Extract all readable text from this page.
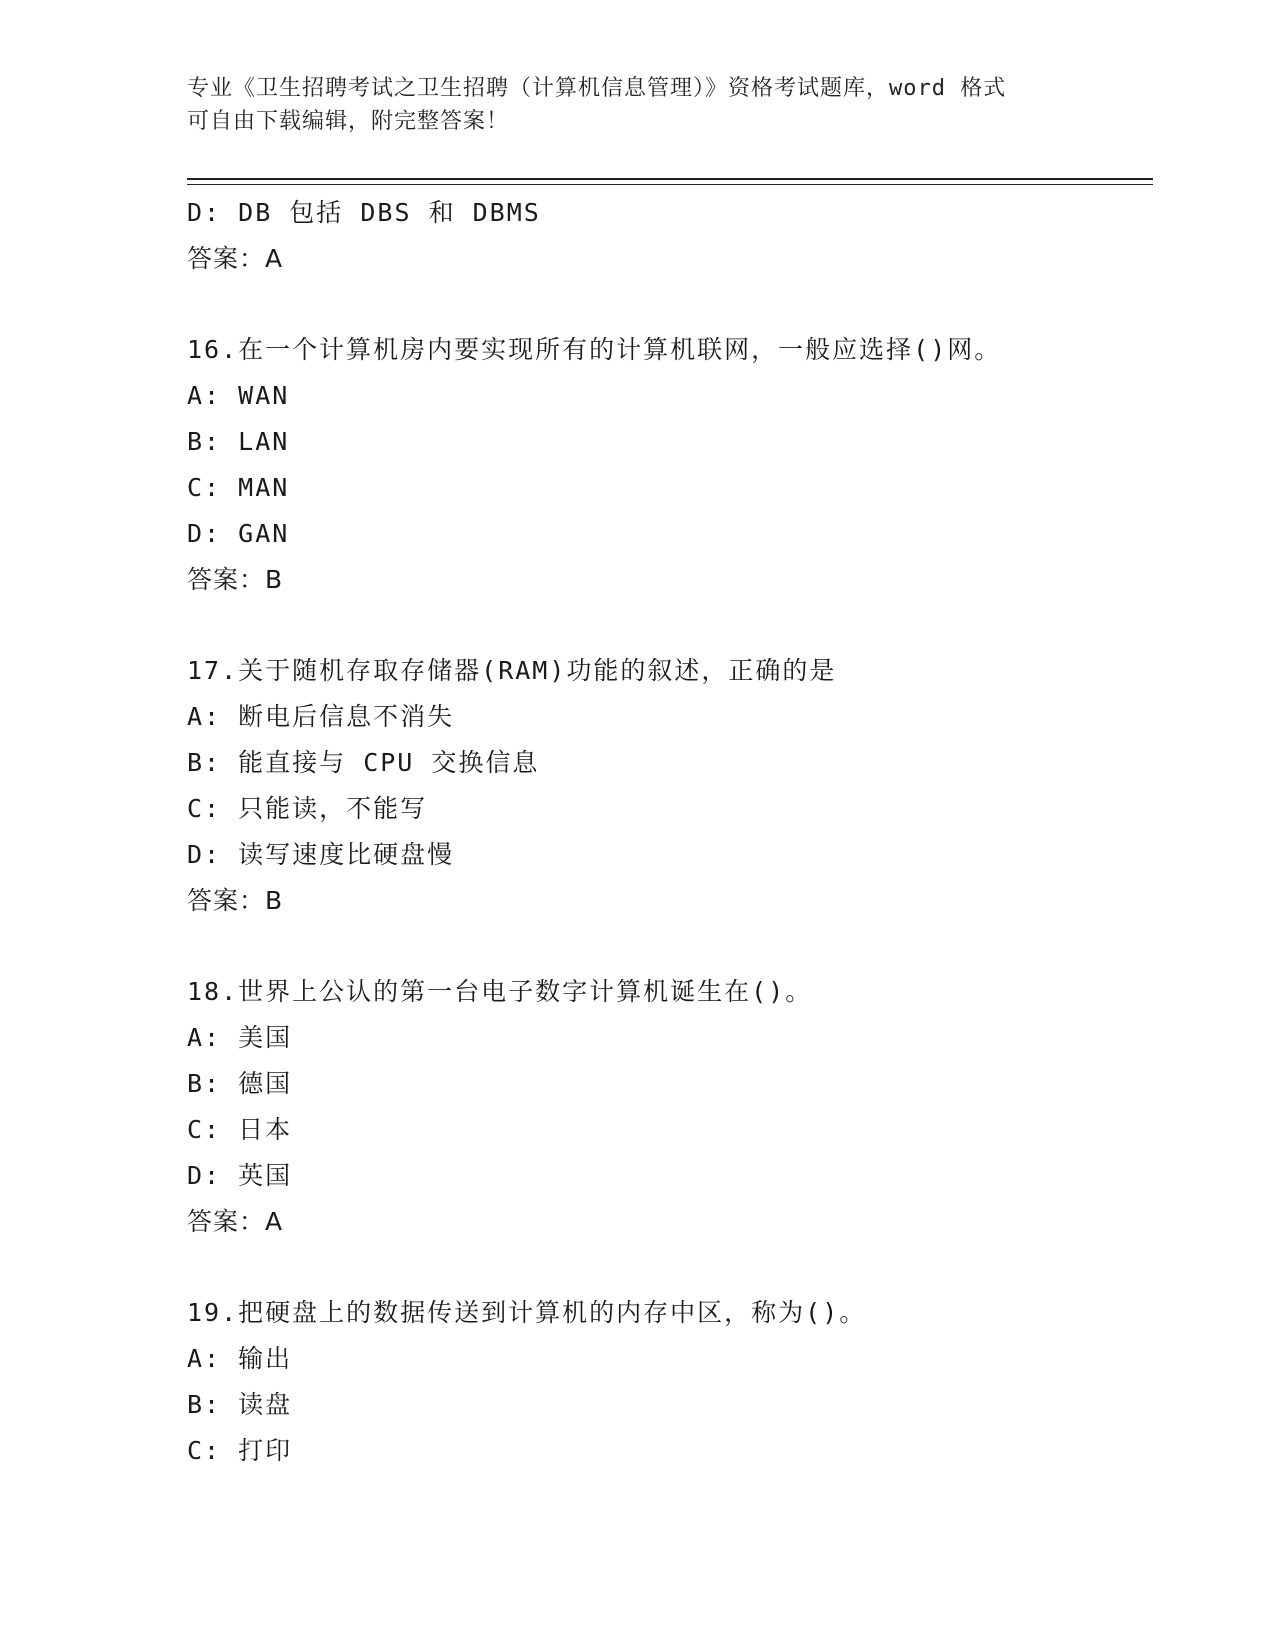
专业《卫生招聘考试之卫生招聘（计算机信息管理）》资格考试题库，word 格式
可自由下载编辑，附完整答案！
D: DB 包括 DBS 和 DBMS
答案：A
16.在一个计算机房内要实现所有的计算机联网，一般应选择()网。
A: WAN
B: LAN
C: MAN
D: GAN
答案：B
17.关于随机存取存储器(RAM)功能的叙述，正确的是
A: 断电后信息不消失
B: 能直接与 CPU 交换信息
C: 只能读，不能写
D: 读写速度比硬盘慢
答案：B
18.世界上公认的第一台电子数字计算机诞生在()。
A: 美国
B: 德国
C: 日本
D: 英国
答案：A
19.把硬盘上的数据传送到计算机的内存中区，称为()。
A: 输出
B: 读盘
C: 打印
